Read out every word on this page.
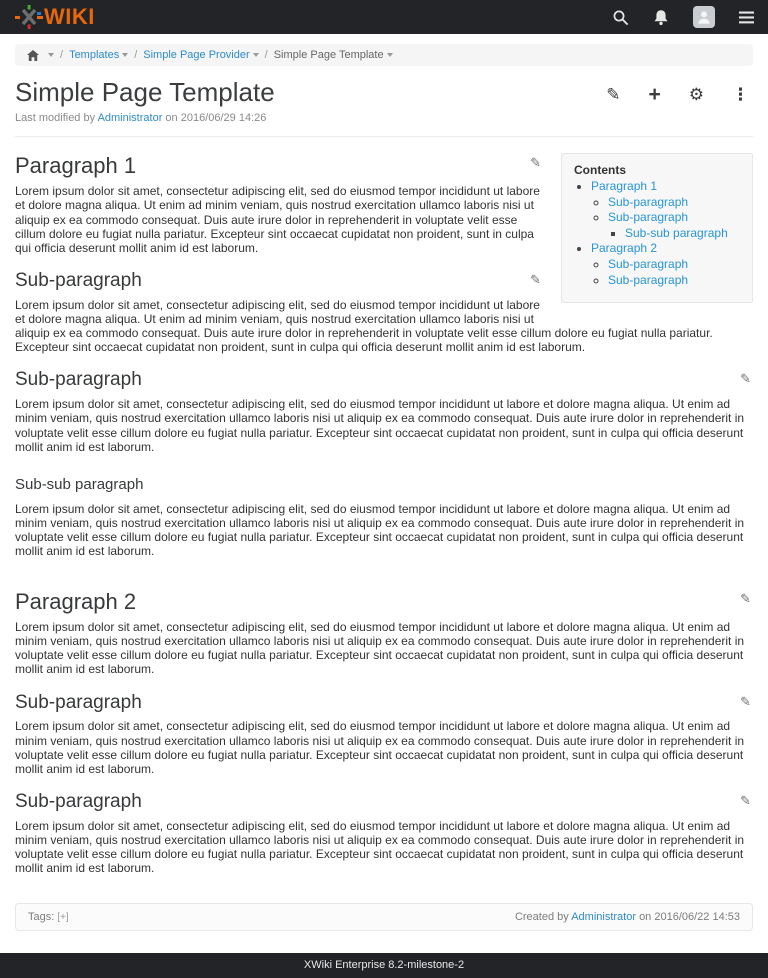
WIKI
/ Templates	/ Simple Page Provider	/ Simple Page Template
Simple Page Template	✎ + ⚙ ⋮
Last modified by Administrator on 2016/06/29 14:26
Contents
• Paragraph 1
◦ Sub-paragraph
◦ Sub-paragraph
▪ Sub-sub paragraph
• Paragraph 2
◦ Sub-paragraph
◦ Sub-paragraph
✎
Paragraph 1

Lorem ipsum dolor sit amet, consectetur adipiscing elit, sed do eiusmod tempor incididunt ut labore et dolore magna aliqua. Ut enim ad minim veniam, quis nostrud exercitation ullamco laboris nisi ut aliquip ex ea commodo consequat. Duis aute irure dolor in reprehenderit in voluptate velit esse cillum dolore eu fugiat nulla pariatur. Excepteur sint occaecat cupidatat non proident, sunt in culpa qui officia deserunt mollit anim id est laborum.

✎
Sub-paragraph

Lorem ipsum dolor sit amet, consectetur adipiscing elit, sed do eiusmod tempor incididunt ut labore et dolore magna aliqua. Ut enim ad minim veniam, quis nostrud exercitation ullamco laboris nisi ut aliquip ex ea commodo consequat. Duis aute irure dolor in reprehenderit in voluptate velit esse cillum dolore eu fugiat nulla pariatur. Excepteur sint occaecat cupidatat non proident, sunt in culpa qui officia deserunt mollit anim id est laborum.

✎
Sub-paragraph

Lorem ipsum dolor sit amet, consectetur adipiscing elit, sed do eiusmod tempor incididunt ut labore et dolore magna aliqua. Ut enim ad minim veniam, quis nostrud exercitation ullamco laboris nisi ut aliquip ex ea commodo consequat. Duis aute irure dolor in reprehenderit in voluptate velit esse cillum dolore eu fugiat nulla pariatur. Excepteur sint occaecat cupidatat non proident, sunt in culpa qui officia deserunt mollit anim id est laborum.

Sub-sub paragraph

Lorem ipsum dolor sit amet, consectetur adipiscing elit, sed do eiusmod tempor incididunt ut labore et dolore magna aliqua. Ut enim ad minim veniam, quis nostrud exercitation ullamco laboris nisi ut aliquip ex ea commodo consequat. Duis aute irure dolor in reprehenderit in voluptate velit esse cillum dolore eu fugiat nulla pariatur. Excepteur sint occaecat cupidatat non proident, sunt in culpa qui officia deserunt mollit anim id est laborum.

✎
Paragraph 2

Lorem ipsum dolor sit amet, consectetur adipiscing elit, sed do eiusmod tempor incididunt ut labore et dolore magna aliqua. Ut enim ad minim veniam, quis nostrud exercitation ullamco laboris nisi ut aliquip ex ea commodo consequat. Duis aute irure dolor in reprehenderit in voluptate velit esse cillum dolore eu fugiat nulla pariatur. Excepteur sint occaecat cupidatat non proident, sunt in culpa qui officia deserunt mollit anim id est laborum.

✎
Sub-paragraph

Lorem ipsum dolor sit amet, consectetur adipiscing elit, sed do eiusmod tempor incididunt ut labore et dolore magna aliqua. Ut enim ad minim veniam, quis nostrud exercitation ullamco laboris nisi ut aliquip ex ea commodo consequat. Duis aute irure dolor in reprehenderit in voluptate velit esse cillum dolore eu fugiat nulla pariatur. Excepteur sint occaecat cupidatat non proident, sunt in culpa qui officia deserunt mollit anim id est laborum.

✎
Sub-paragraph

Lorem ipsum dolor sit amet, consectetur adipiscing elit, sed do eiusmod tempor incididunt ut labore et dolore magna aliqua. Ut enim ad minim veniam, quis nostrud exercitation ullamco laboris nisi ut aliquip ex ea commodo consequat. Duis aute irure dolor in reprehenderit in voluptate velit esse cillum dolore eu fugiat nulla pariatur. Excepteur sint occaecat cupidatat non proident, sunt in culpa qui officia deserunt mollit anim id est laborum.

Tags: [+]	Created by Administrator on 2016/06/22 14:53
XWiki Enterprise 8.2-milestone-2
